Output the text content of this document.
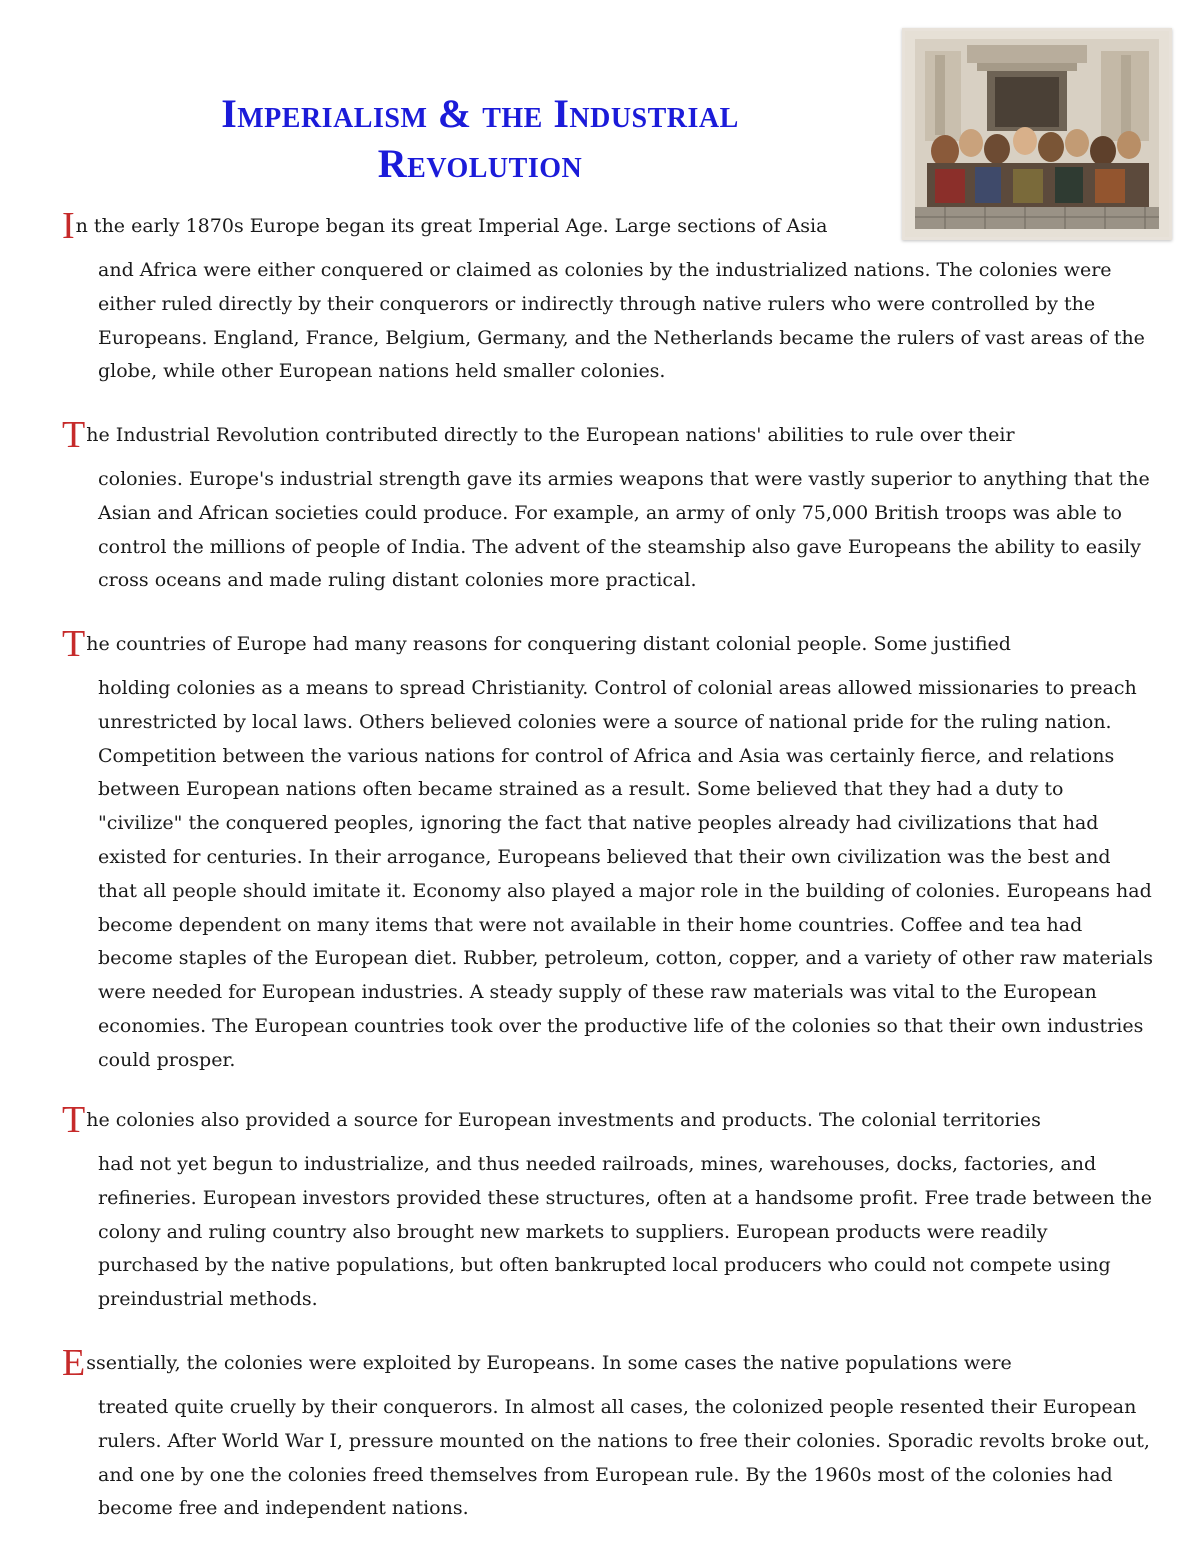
Imperialism & the Industrial
Revolution
In the early 1870s Europe began its great Imperial Age. Large sections of Asia
and Africa were either conquered or claimed as colonies by the industrialized nations. The colonies were either ruled directly by their conquerors or indirectly through native rulers who were controlled by the Europeans. England, France, Belgium, Germany, and the Netherlands became the rulers of vast areas of the globe, while other European nations held smaller colonies.
The Industrial Revolution contributed directly to the European nations' abilities to rule over their
colonies. Europe's industrial strength gave its armies weapons that were vastly superior to anything that the Asian and African societies could produce. For example, an army of only 75,000 British troops was able to control the millions of people of India. The advent of the steamship also gave Europeans the ability to easily cross oceans and made ruling distant colonies more practical.
The countries of Europe had many reasons for conquering distant colonial people. Some justified
holding colonies as a means to spread Christianity. Control of colonial areas allowed missionaries to preach unrestricted by local laws. Others believed colonies were a source of national pride for the ruling nation. Competition between the various nations for control of Africa and Asia was certainly fierce, and relations between European nations often became strained as a result. Some believed that they had a duty to "civilize" the conquered peoples, ignoring the fact that native peoples already had civilizations that had existed for centuries. In their arrogance, Europeans believed that their own civilization was the best and that all people should imitate it. Economy also played a major role in the building of colonies. Europeans had become dependent on many items that were not available in their home countries. Coffee and tea had become staples of the European diet. Rubber, petroleum, cotton, copper, and a variety of other raw materials were needed for European industries. A steady supply of these raw materials was vital to the European economies. The European countries took over the productive life of the colonies so that their own industries could prosper.
The colonies also provided a source for European investments and products. The colonial territories
had not yet begun to industrialize, and thus needed railroads, mines, warehouses, docks, factories, and refineries. European investors provided these structures, often at a handsome profit. Free trade between the colony and ruling country also brought new markets to suppliers. European products were readily purchased by the native populations, but often bankrupted local producers who could not compete using preindustrial methods.
Essentially, the colonies were exploited by Europeans. In some cases the native populations were
treated quite cruelly by their conquerors. In almost all cases, the colonized people resented their European rulers. After World War I, pressure mounted on the nations to free their colonies. Sporadic revolts broke out, and one by one the colonies freed themselves from European rule. By the 1960s most of the colonies had become free and independent nations.
